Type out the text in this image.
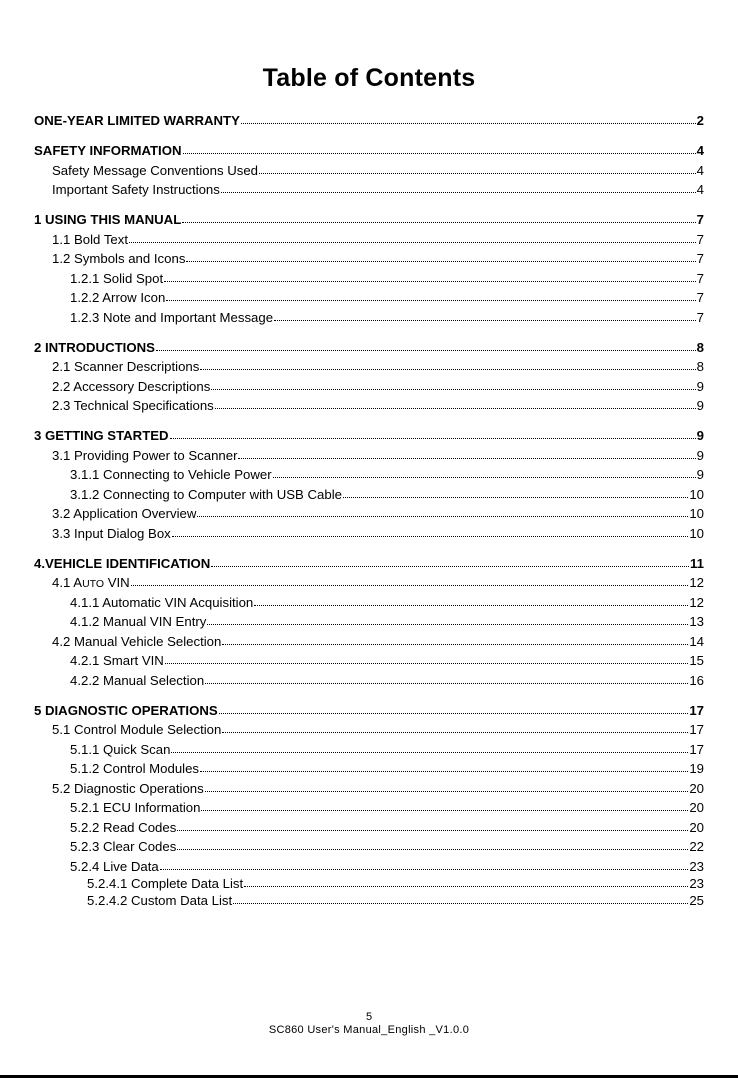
Table of Contents
ONE-YEAR LIMITED WARRANTY	2
SAFETY INFORMATION	4
Safety Message Conventions Used	4
Important Safety Instructions	4
1 USING THIS MANUAL	7
1.1 Bold Text	7
1.2 Symbols and Icons	7
1.2.1 Solid Spot	7
1.2.2 Arrow Icon	7
1.2.3 Note and Important Message	7
2 INTRODUCTIONS	8
2.1 Scanner Descriptions	8
2.2 Accessory Descriptions	9
2.3 Technical Specifications	9
3 GETTING STARTED	9
3.1 Providing Power to Scanner	9
3.1.1 Connecting to Vehicle Power	9
3.1.2 Connecting to Computer with USB Cable	10
3.2 Application Overview	10
3.3 Input Dialog Box	10
4.VEHICLE IDENTIFICATION	11
4.1 AUTO VIN	12
4.1.1 Automatic VIN Acquisition	12
4.1.2 Manual VIN Entry	13
4.2 Manual Vehicle Selection	14
4.2.1 Smart VIN	15
4.2.2 Manual Selection	16
5 DIAGNOSTIC OPERATIONS	17
5.1 Control Module Selection	17
5.1.1 Quick Scan	17
5.1.2 Control Modules	19
5.2 Diagnostic Operations	20
5.2.1 ECU Information	20
5.2.2 Read Codes	20
5.2.3 Clear Codes	22
5.2.4 Live Data	23
5.2.4.1 Complete Data List	23
5.2.4.2 Custom Data List	25
5
SC860 User's Manual_English _V1.0.0
